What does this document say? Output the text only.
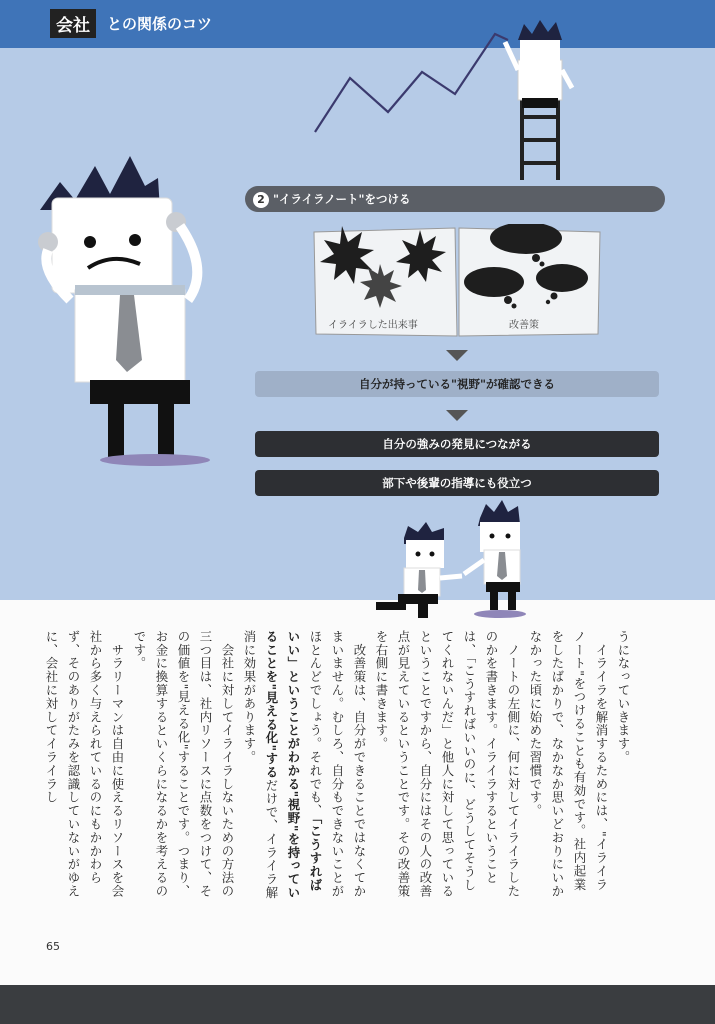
会社	との関係のコツ
2 "イライラノート"をつける
イライラした出来事	改善策
自分が持っている"視野"が確認できる
自分の強みの発見につながる
部下や後輩の指導にも役立つ

うになっていきます。

　イライラを解消するためには、"イライラノート"をつけることも有効です。社内起業をしたばかりで、なかなか思いどおりにいかなかった頃に始めた習慣です。

　ノートの左側に、何に対してイライラしたのかを書きます。イライラするということは、「こうすればいいのに、どうしてそうしてくれないんだ」と他人に対して思っているということですから、自分にはその人の改善点が見えているということです。その改善策を右側に書きます。

　改善策は、自分ができることではなくてかまいません。むしろ、自分もできないことがほとんどでしょう。それでも、「こうすればいい」ということがわかる"視野"を持っていることを"見える化"するだけで、イライラ解消に効果があります。

　会社に対してイライラしないための方法の三つ目は、社内リソースに点数をつけて、その価値を"見える化"することです。つまり、お金に換算するといくらになるかを考えるのです。

　サラリーマンは自由に使えるリソースを会社から多く与えられているのにもかかわらず、そのありがたみを認識していないがゆえに、会社に対してイライラし

65
